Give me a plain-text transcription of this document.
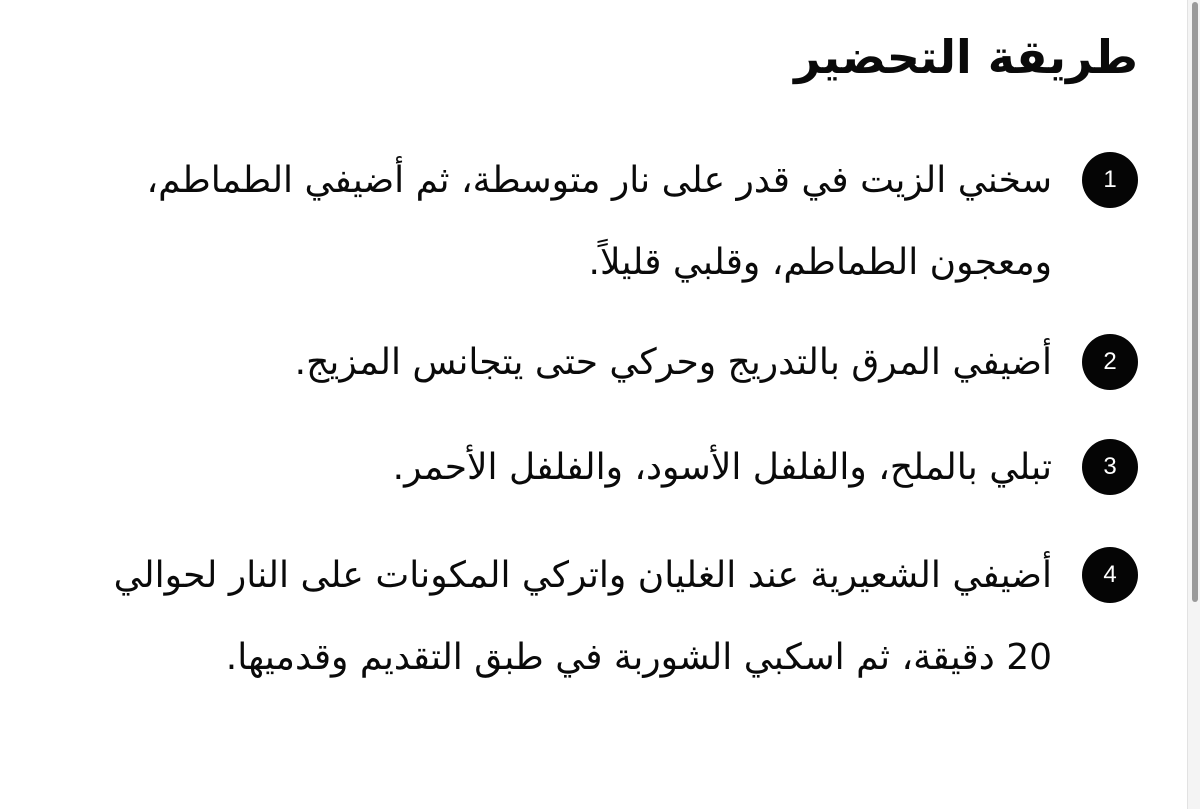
طريقة التحضير
1
سخني الزيت في قدر على نار متوسطة، ثم أضيفي الطماطم، ومعجون الطماطم، وقلبي قليلاً.
2
أضيفي المرق بالتدريج وحركي حتى يتجانس المزيج.
3
تبلي بالملح، والفلفل الأسود، والفلفل الأحمر.
4
أضيفي الشعيرية عند الغليان واتركي المكونات على النار لحوالي 20 دقيقة، ثم اسكبي الشوربة في طبق التقديم وقدميها.
